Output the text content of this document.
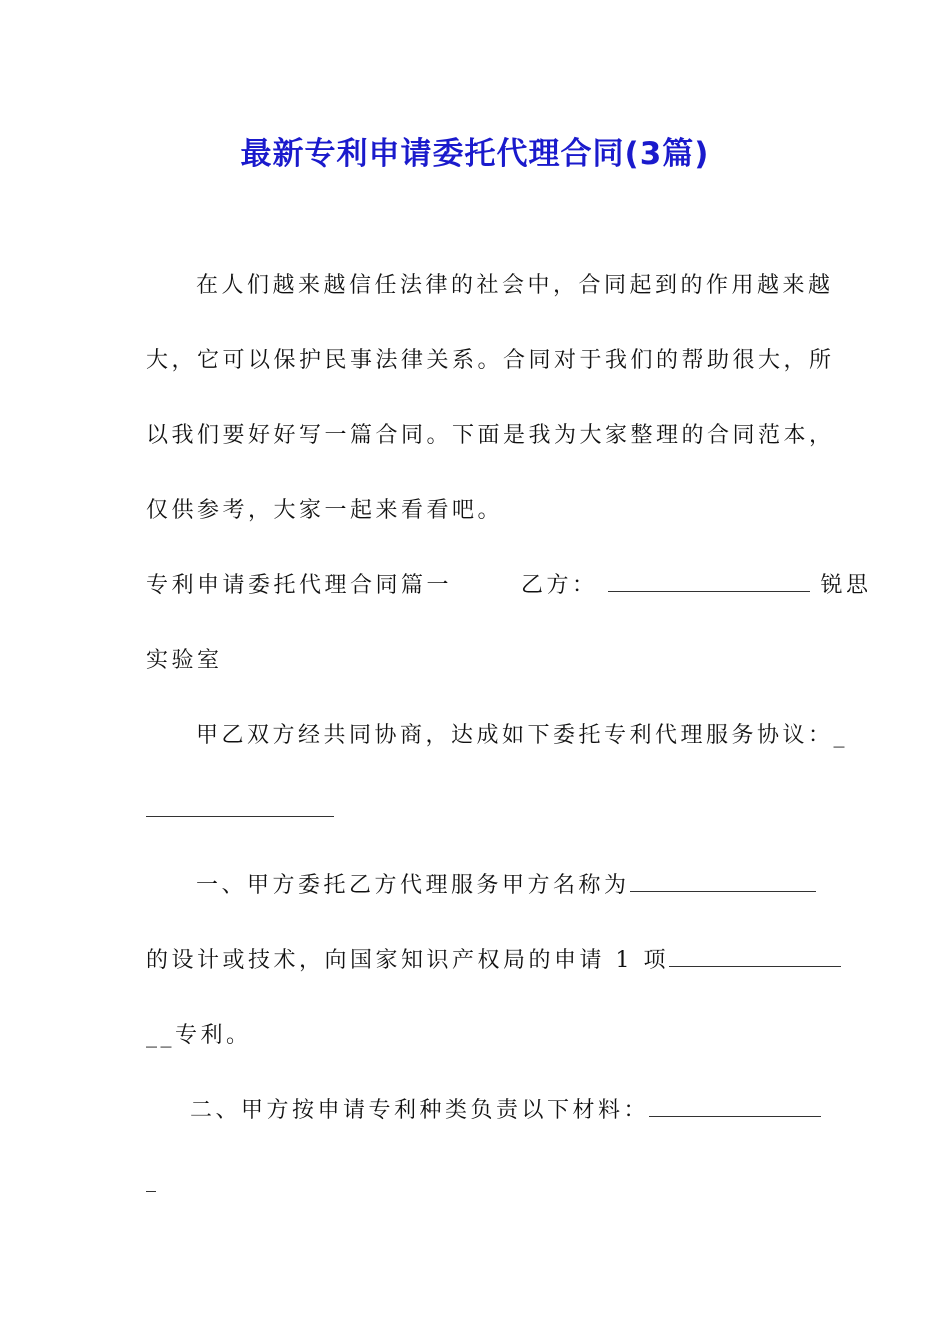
最新专利申请委托代理合同(3篇)
在人们越来越信任法律的社会中，合同起到的作用越来越
大，它可以保护民事法律关系。合同对于我们的帮助很大，所
以我们要好好写一篇合同。下面是我为大家整理的合同范本，
仅供参考，大家一起来看看吧。
专利申请委托代理合同篇一	乙方：	锐思
实验室
甲乙双方经共同协商，达成如下委托专利代理服务协议：_
一、甲方委托乙方代理服务甲方名称为
的设计或技术，向国家知识产权局的申请 1 项
__专利。
二、甲方按申请专利种类负责以下材料：
